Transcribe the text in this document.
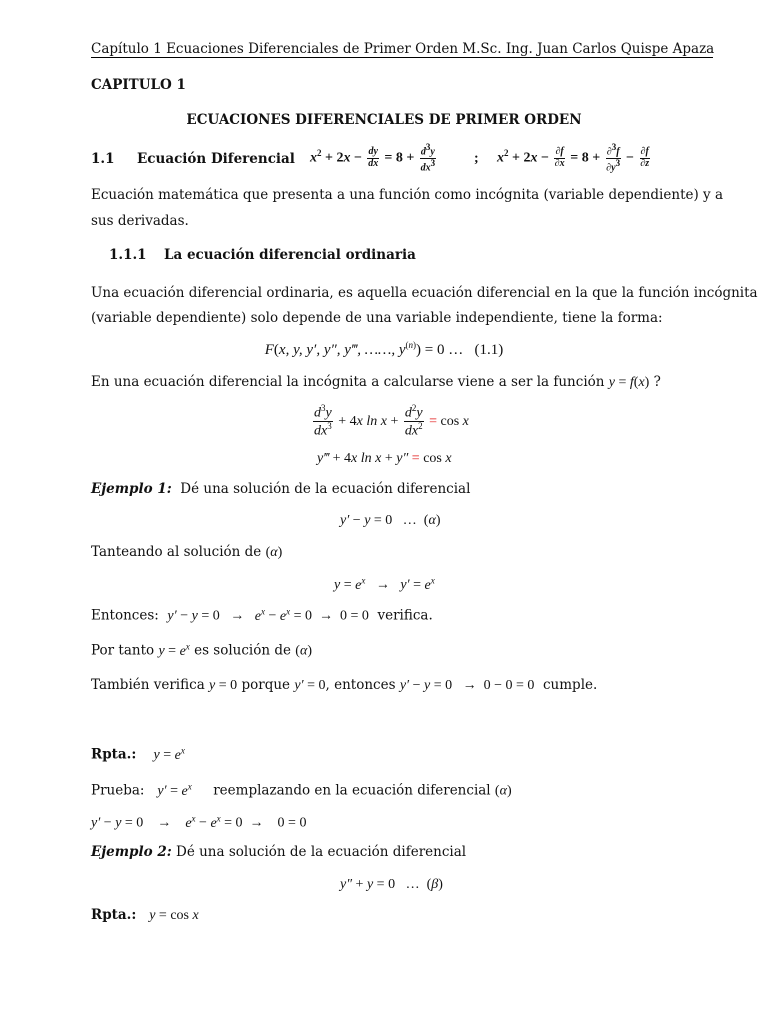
Capítulo 1 Ecuaciones Diferenciales de Primer Orden M.Sc. Ing. Juan Carlos Quispe Apaza
CAPITULO 1
ECUACIONES DIFERENCIALES DE PRIMER ORDEN
1.1 Ecuación Diferencial $x^2 + 2x - \frac{dy}{dx} = 8 + \frac{d^3y}{dx^3}$	; $x^2 + 2x - \frac{\partial f}{\partial x} = 8 + \frac{\partial^3f}{\partial y^3} - \frac{\partial f}{\partial z}$
Ecuación matemática que presenta a una función como incógnita (variable dependiente) y a
sus derivadas.
1.1.1 La ecuación diferencial ordinaria
Una ecuación diferencial ordinaria, es aquella ecuación diferencial en la que la función incógnita
(variable dependiente) solo depende de una variable independiente, tiene la forma:
F(x, y, y′, y″, y‴, ……, $y^{(n)}) = 0$ …   (1.1)
En una ecuación diferencial la incógnita a calcularse viene a ser la función y = f(x) ?
$\frac{d^3y}{dx^3} + 4x$ $\ln x + \frac{d^2y}{dx^2} = \cos x$
y‴ + 4x ln x + y″ = cos x
Ejemplo 1: Dé una solución de la ecuación diferencial
y′ − y = 0   …  (α)
Tanteando al solución de (α)
$y = e^x \to y' = e^x$
Entonces: $y' - y = 0 \to e^x - e^x = 0 \to 0 = 0$ verifica.
Por tanto $y = e^x$ es solución de (α)
También verifica y = 0 porque y′ = 0, entonces y′ − y = 0   →  0 − 0 = 0 cumple.
Rpta.: $y = e^x$
Prueba: $y' = e^x$ reemplazando en la ecuación diferencial (α)
y′ − y = 0    →    $e^x - e^x = 0$  →    0 = 0
Ejemplo 2: Dé una solución de la ecuación diferencial
y″ + y = 0   …  (β)
Rpta.: y = cos x
